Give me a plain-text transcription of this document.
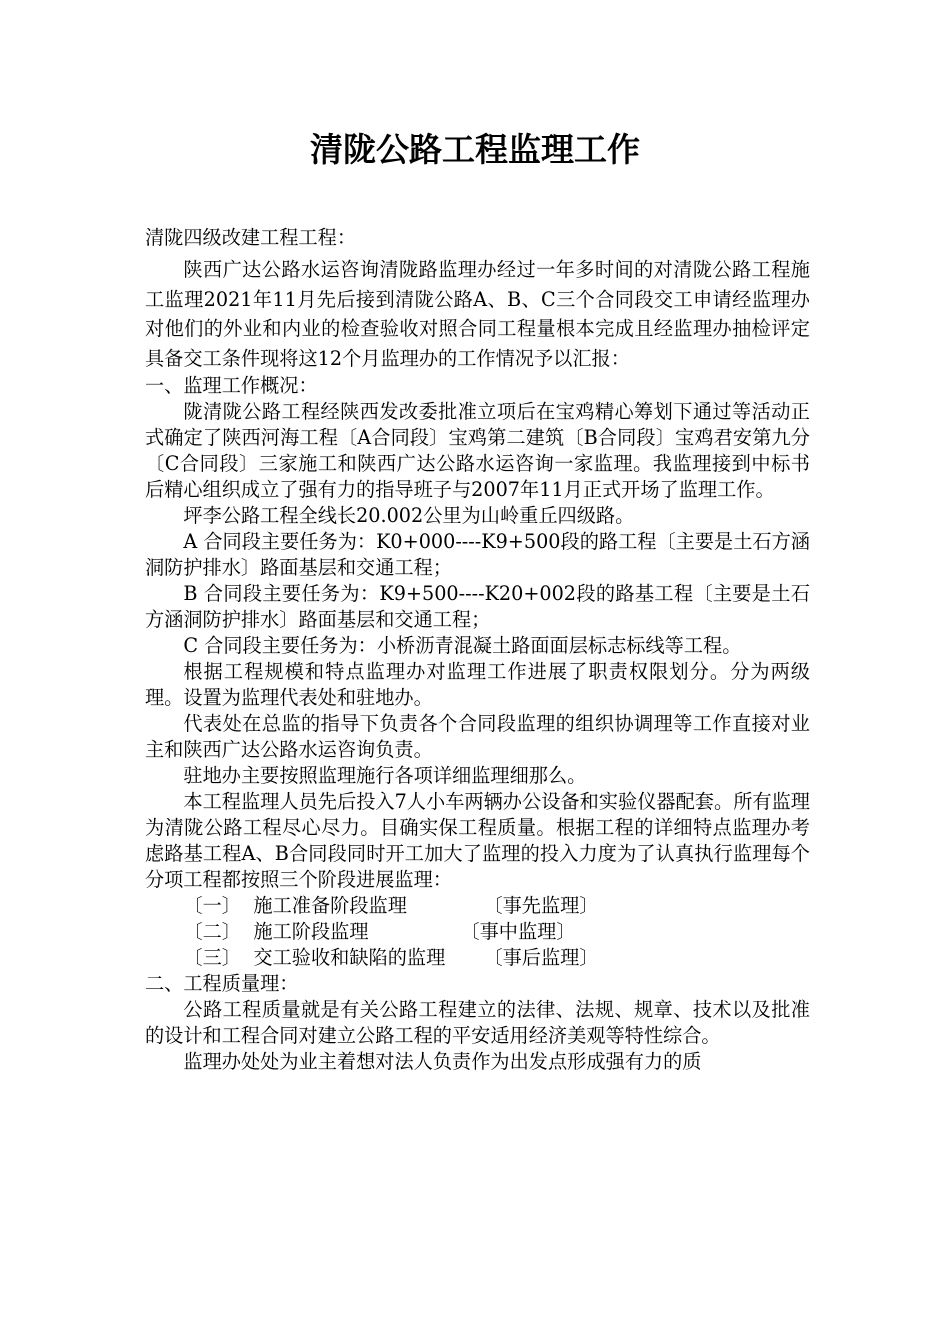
清陇公路工程监理工作

清陇四级改建工程工程：

陕西广达公路水运咨询清陇路监理办经过一年多时间的对清陇公路工程施工监理2021年11月先后接到清陇公路A、B、C三个合同段交工申请经监理办对他们的外业和内业的检查验收对照合同工程量根本完成且经监理办抽检评定具备交工条件现将这12个月监理办的工作情况予以汇报：

一、监理工作概况：

陇清陇公路工程经陕西发改委批准立项后在宝鸡精心筹划下通过等活动正式确定了陕西河海工程〔A合同段〕宝鸡第二建筑〔B合同段〕宝鸡君安第九分〔C合同段〕三家施工和陕西广达公路水运咨询一家监理。我监理接到中标书后精心组织成立了强有力的指导班子与2007年11月正式开场了监理工作。

坪李公路工程全线长20.002公里为山岭重丘四级路。

A 合同段主要任务为：K0+000----K9+500段的路工程〔主要是土石方涵洞防护排水〕路面基层和交通工程；

B 合同段主要任务为：K9+500----K20+002段的路基工程〔主要是土石方涵洞防护排水〕路面基层和交通工程；

C 合同段主要任务为：小桥沥青混凝土路面面层标志标线等工程。

根据工程规模和特点监理办对监理工作进展了职责权限划分。分为两级理。设置为监理代表处和驻地办。

代表处在总监的指导下负责各个合同段监理的组织协调理等工作直接对业主和陕西广达公路水运咨询负责。

驻地办主要按照监理施行各项详细监理细那么。

本工程监理人员先后投入7人小车两辆办公设备和实验仪器配套。所有监理为清陇公路工程尽心尽力。目确实保工程质量。根据工程的详细特点监理办考虑路基工程A、B合同段同时开工加大了监理的投入力度为了认真执行监理每个分项工程都按照三个阶段进展监理：

〔一〕 施工准备阶段监理	〔事先监理〕
〔二〕 施工阶段监理	〔事中监理〕
〔三〕 交工验收和缺陷的监理	〔事后监理〕

二、工程质量理：

公路工程质量就是有关公路工程建立的法律、法规、规章、技术以及批准的设计和工程合同对建立公路工程的平安适用经济美观等特性综合。

监理办处处为业主着想对法人负责作为出发点形成强有力的质
